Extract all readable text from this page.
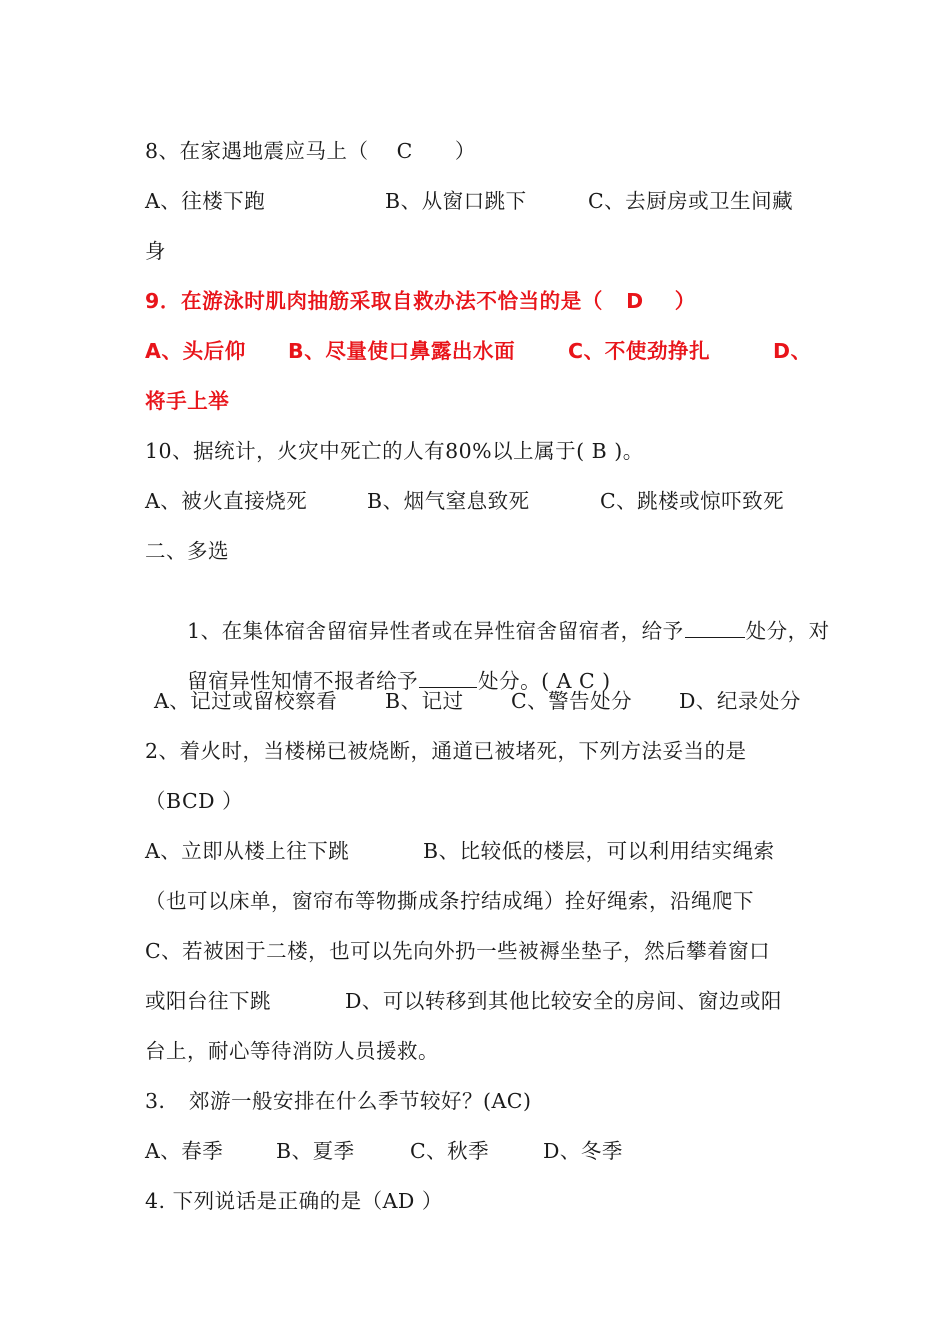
8、在家遇地震应马上（    C      ）

A、往楼下跑

	B、从窗口跳下

	C、去厨房或卫生间藏

身

9．在游泳时肌肉抽筋采取自救办法不恰当的是（   D    ）

A、头后仰

B、尽量使口鼻露出水面

	C、不使劲挣扎

	D、

将手上举

10、据统计，火灾中死亡的人有80%以上属于( B )。

A、被火直接烧死

	B、烟气窒息致死

	C、跳楼或惊吓致死

二、多选

1、在集体宿舍留宿异性者或在异性宿舍留宿者，给予	处分，对

留宿异性知情不报者给予	处分。( A C )

A、记过或留校察看

B、记过

C、警告处分

D、纪录处分

2、着火时，当楼梯已被烧断，通道已被堵死，下列方法妥当的是

（BCD ）

A、立即从楼上往下跳

	B、比较低的楼层，可以利用结实绳索

（也可以床单，窗帘布等物撕成条拧结成绳）拴好绳索，沿绳爬下

C、若被困于二楼，也可以先向外扔一些被褥坐垫子，然后攀着窗口

或阳台往下跳

	D、可以转移到其他比较安全的房间、窗边或阳

台上，耐心等待消防人员援救。

3．

郊游一般安排在什么季节较好？(AC)

A、春季

	B、夏季

	C、秋季

	D、冬季

4. 下列说话是正确的是（AD ）
